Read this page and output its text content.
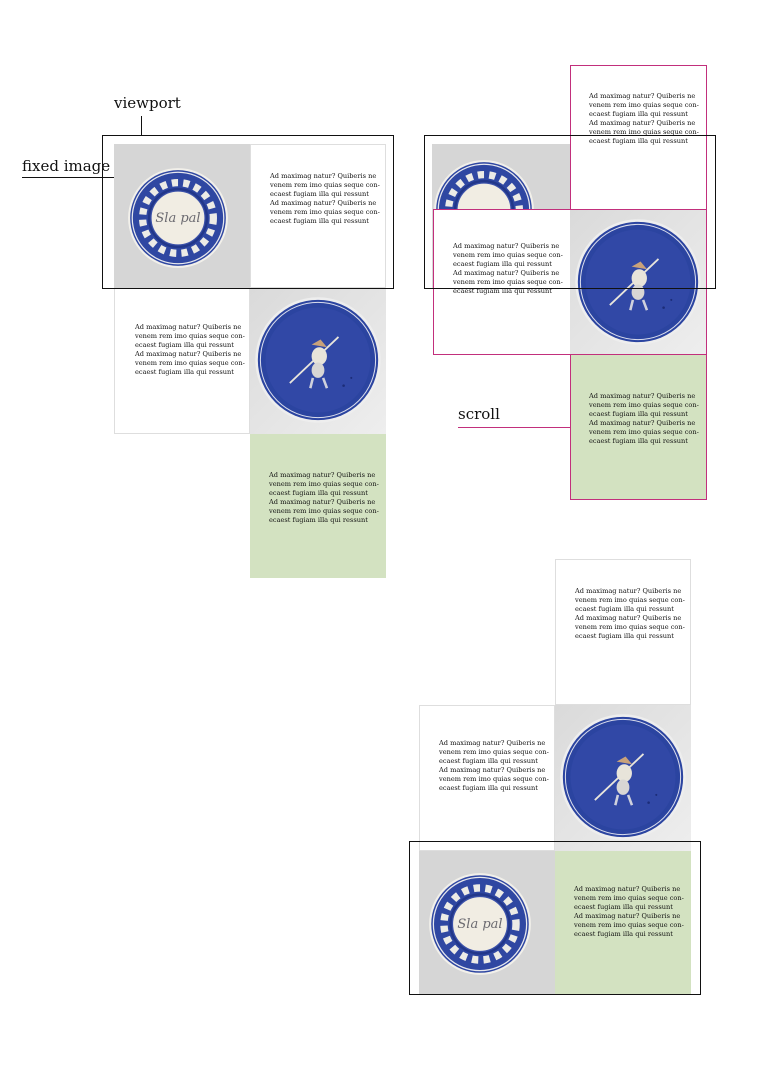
viewport
fixed image
scroll
Sla pal
Ad maximag natur? Quiberis ne
venem rem imo quias seque con-
ecaest fugiam illa qui ressunt
Ad maximag natur? Quiberis ne
venem rem imo quias seque con-
ecaest fugiam illa qui ressunt
Ad maximag natur? Quiberis ne
venem rem imo quias seque con-
ecaest fugiam illa qui ressunt
Ad maximag natur? Quiberis ne
venem rem imo quias seque con-
ecaest fugiam illa qui ressunt
Ad maximag natur? Quiberis ne
venem rem imo quias seque con-
ecaest fugiam illa qui ressunt
Ad maximag natur? Quiberis ne
venem rem imo quias seque con-
ecaest fugiam illa qui ressunt
Ad maximag natur? Quiberis ne
venem rem imo quias seque con-
ecaest fugiam illa qui ressunt
Ad maximag natur? Quiberis ne
venem rem imo quias seque con-
ecaest fugiam illa qui ressunt
Ad maximag natur? Quiberis ne
venem rem imo quias seque con-
ecaest fugiam illa qui ressunt
Ad maximag natur? Quiberis ne
venem rem imo quias seque con-
ecaest fugiam illa qui ressunt
Ad maximag natur? Quiberis ne
venem rem imo quias seque con-
ecaest fugiam illa qui ressunt
Ad maximag natur? Quiberis ne
venem rem imo quias seque con-
ecaest fugiam illa qui ressunt
Ad maximag natur? Quiberis ne
venem rem imo quias seque con-
ecaest fugiam illa qui ressunt
Ad maximag natur? Quiberis ne
venem rem imo quias seque con-
ecaest fugiam illa qui ressunt
Ad maximag natur? Quiberis ne
venem rem imo quias seque con-
ecaest fugiam illa qui ressunt
Ad maximag natur? Quiberis ne
venem rem imo quias seque con-
ecaest fugiam illa qui ressunt
Sla pal
Ad maximag natur? Quiberis ne
venem rem imo quias seque con-
ecaest fugiam illa qui ressunt
Ad maximag natur? Quiberis ne
venem rem imo quias seque con-
ecaest fugiam illa qui ressunt
